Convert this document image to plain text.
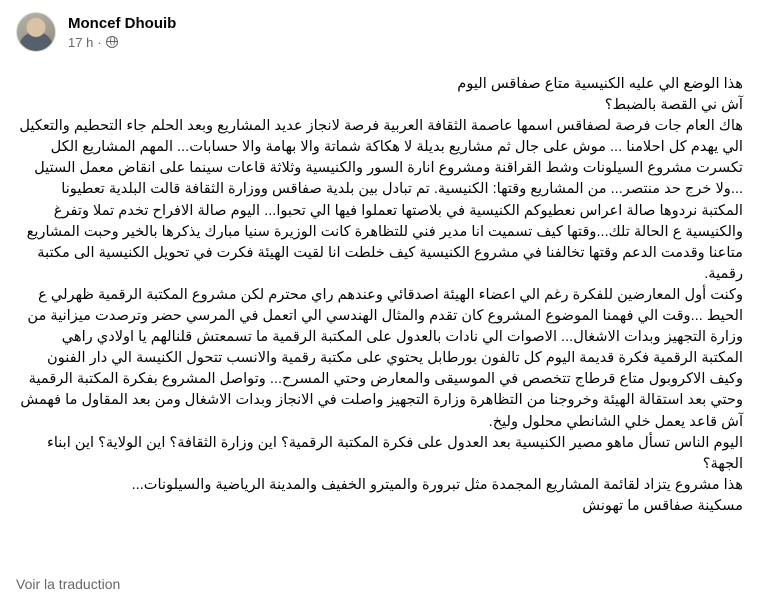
Moncef Dhouib
17 h ·
هذا الوضع الي عليه الكنيسية متاع صفاقس اليوم
آش ني القصة بالضبط؟
هاك العام جات فرصة لصفاقس اسمها عاصمة الثقافة العربية فرصة لانجاز عديد المشاريع وبعد الحلم جاء التحطيم والتعكيل الي يهدم كل احلامنا ... موش على جال ثم مشاريع بديلة لا هكاكة شماتة والا بهامة والا حسابات... المهم المشاريع الكل تكسرت مشروع السيلونات وشط القراقنة ومشروع انارة السور والكنيسية وثلاثة قاعات سينما على انقاض معمل الستيل ...ولا خرج حد منتصر... من المشاريع وقتها: الكنيسية. تم تبادل بين بلدية صفاقس ووزارة الثقافة قالت البلدية تعطيونا المكتبة نردوها صالة اعراس نعطيوكم الكنيسية في بلاصتها تعملوا فيها الي تحبوا... اليوم صالة الافراح تخدم تملا وتفرغ والكنيسية ع الحالة تلك...وقتها كيف تسميت انا مدير فني للتظاهرة كانت الوزيرة سنيا مبارك يذكرها بالخير وحبت المشاريع متاعنا وقدمت الدعم وقتها تخالفنا في مشروع الكنيسية كيف خلطت انا لقيت الهيئة فكرت في تحويل الكنيسية الى مكتبة رقمية.
وكنت أول المعارضين للفكرة رغم الي اعضاء الهيئة اصدقائي وعندهم راي محترم لكن مشروع المكتبة الرقمية ظهرلي ع الحيط ...وقت الي فهمنا الموضوع المشروع كان تقدم والمثال الهندسي الي اتعمل في المرسي حضر وترصدت ميزانية من وزارة التجهيز وبدات الاشغال... الاصوات الي نادات بالعدول على المكتبة الرقمية ما تسمعتش قلنالهم يا اولادي راهي المكتبة الرقمية فكرة قديمة اليوم كل تالفون بورطابل يحتوي على مكتبة رقمية والانسب تتحول الكنيسة الي دار الفنون وكيف الاكروبول متاع قرطاج تتخصص في الموسيقى والمعارض وحتي المسرح... وتواصل المشروع بفكرة المكتبة الرقمية وحتي بعد استقالة الهيئة وخروجنا من التظاهرة وزارة التجهيز واصلت في الانجاز وبدات الاشغال ومن بعد المقاول ما فهمش آش قاعد يعمل خلي الشانطي محلول وليخ.
اليوم الناس تسأل ماهو مصير الكنيسية بعد العدول على فكرة المكتبة الرقمية؟ اين وزارة الثقافة؟ اين الولاية؟ اين ابناء الجهة؟
هذا مشروع يتزاد لقائمة المشاريع المجمدة مثل تبرورة والميترو الخفيف والمدينة الرياضية والسيلونات...
مسكينة صفاقس ما تهونش
Voir la traduction
